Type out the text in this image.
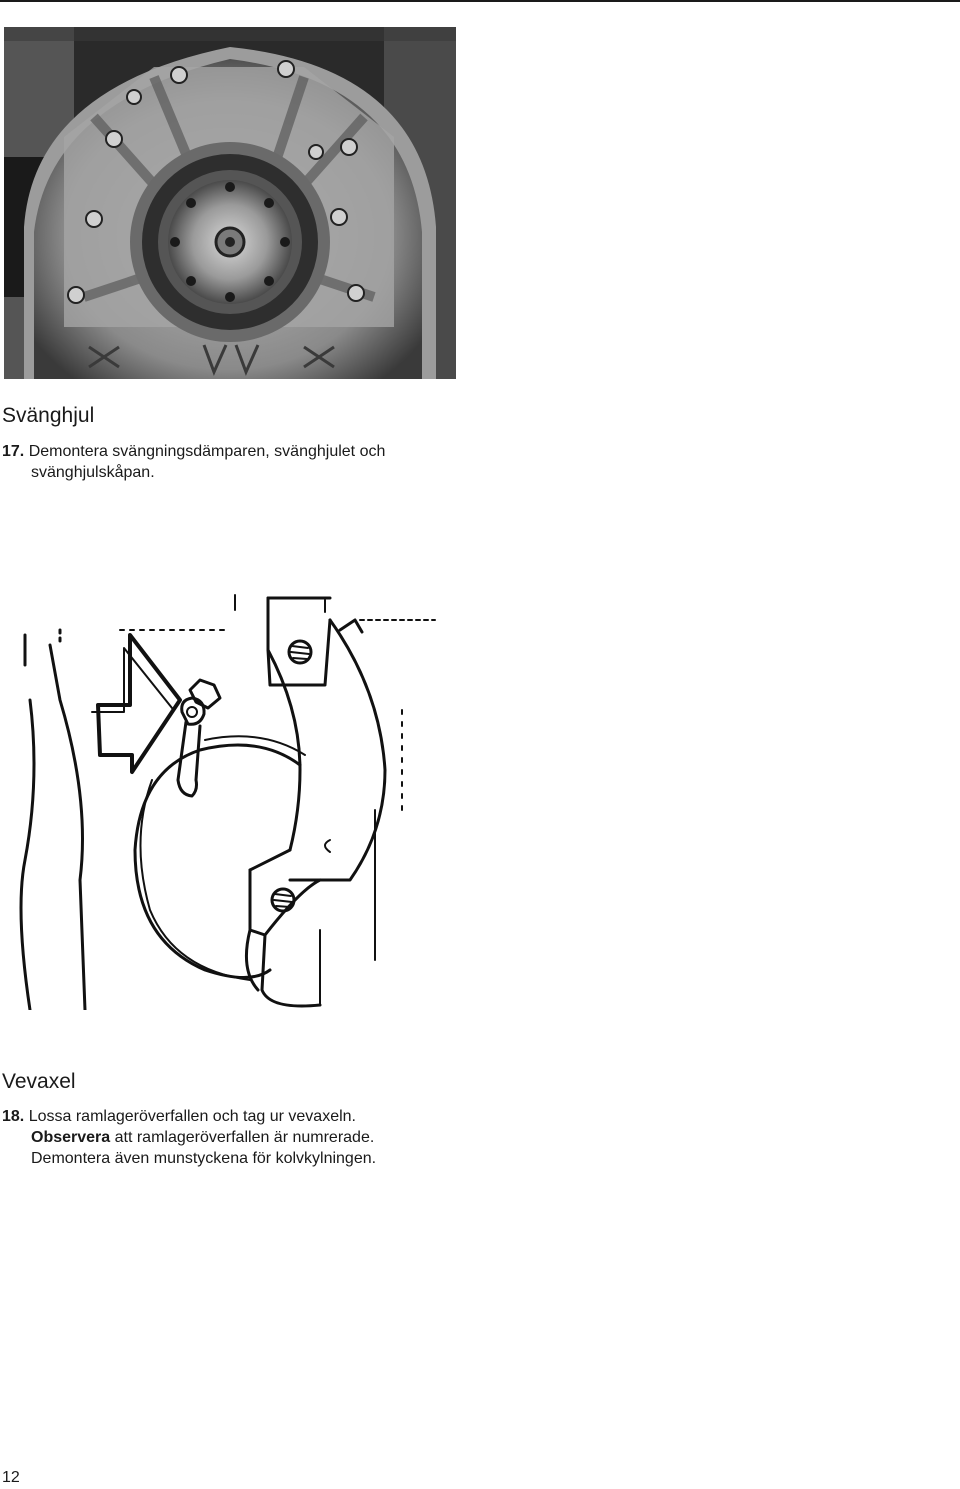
Svänghjul

17. Demontera svängningsdämparen, svänghjulet och
svänghjulskåpan.

Vevaxel

18. Lossa ramlageröverfallen och tag ur vevaxeln.
Observera att ramlageröverfallen är numrerade.
Demontera även munstyckena för kolvkylningen.

12
